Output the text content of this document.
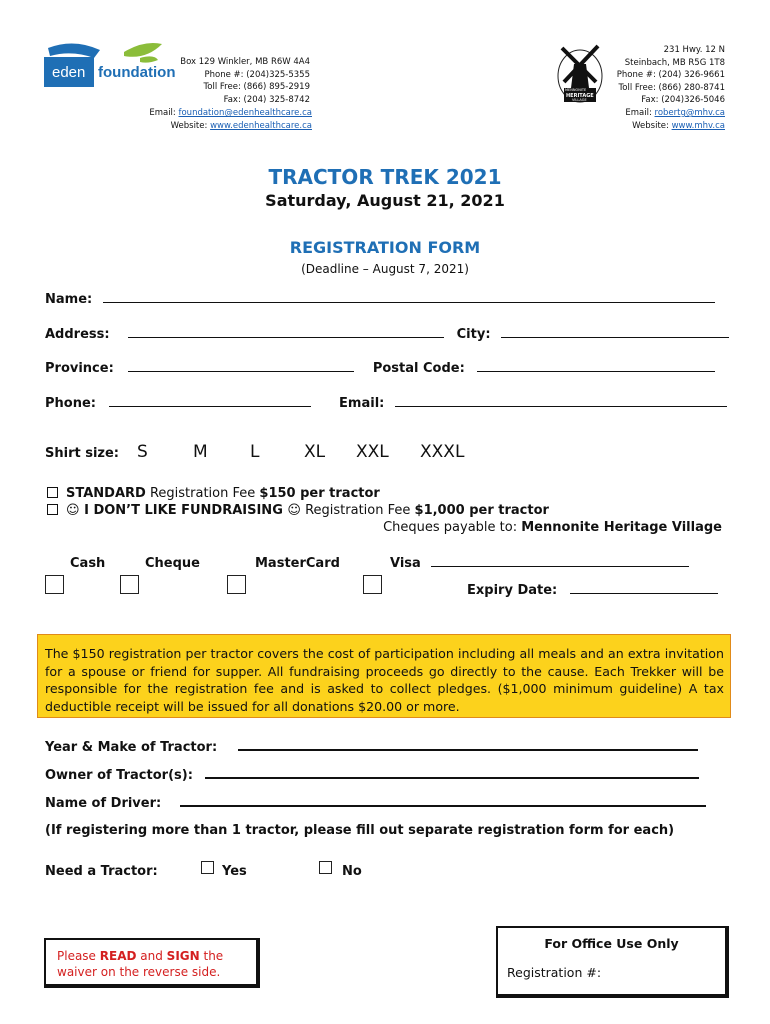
eden foundation
Box 129 Winkler, MB R6W 4A4
Phone #: (204)325-5355
Toll Free: (866) 895-2919
Fax: (204) 325-8742
Email: foundation@edenhealthcare.ca
Website: www.edenhealthcare.ca
MENNONITE
HERITAGE
VILLAGE
231 Hwy. 12 N
Steinbach, MB R5G 1T8
Phone #: (204) 326-9661
Toll Free: (866) 280-8741
Fax: (204)326-5046
Email: robertg@mhv.ca
Website: www.mhv.ca
TRACTOR TREK 2021
Saturday, August 21, 2021
REGISTRATION FORM
(Deadline – August 7, 2021)
Name:
Address:	City:
Province:	Postal Code:
Phone:	Email:
Shirt size: S	M L	XL XXL XXXL
STANDARD Registration Fee $150 per tractor
☺ I DON’T LIKE FUNDRAISING ☺ Registration Fee $1,000 per tractor
Cheques payable to: Mennonite Heritage Village
Cash	Cheque	MasterCard	Visa
Expiry Date:
The $150 registration per tractor covers the cost of participation including all meals and an extra invitation for a spouse or friend for supper. All fundraising proceeds go directly to the cause. Each Trekker will be responsible for the registration fee and is asked to collect pledges. ($1,000 minimum guideline) A tax deductible receipt will be issued for all donations $20.00 or more.
Year & Make of Tractor:
Owner of Tractor(s):
Name of Driver:
(If registering more than 1 tractor, please fill out separate registration form for each)
Need a Tractor:	Yes	No
Please READ and SIGN the
waiver on the reverse side.
For Office Use Only
Registration #:
